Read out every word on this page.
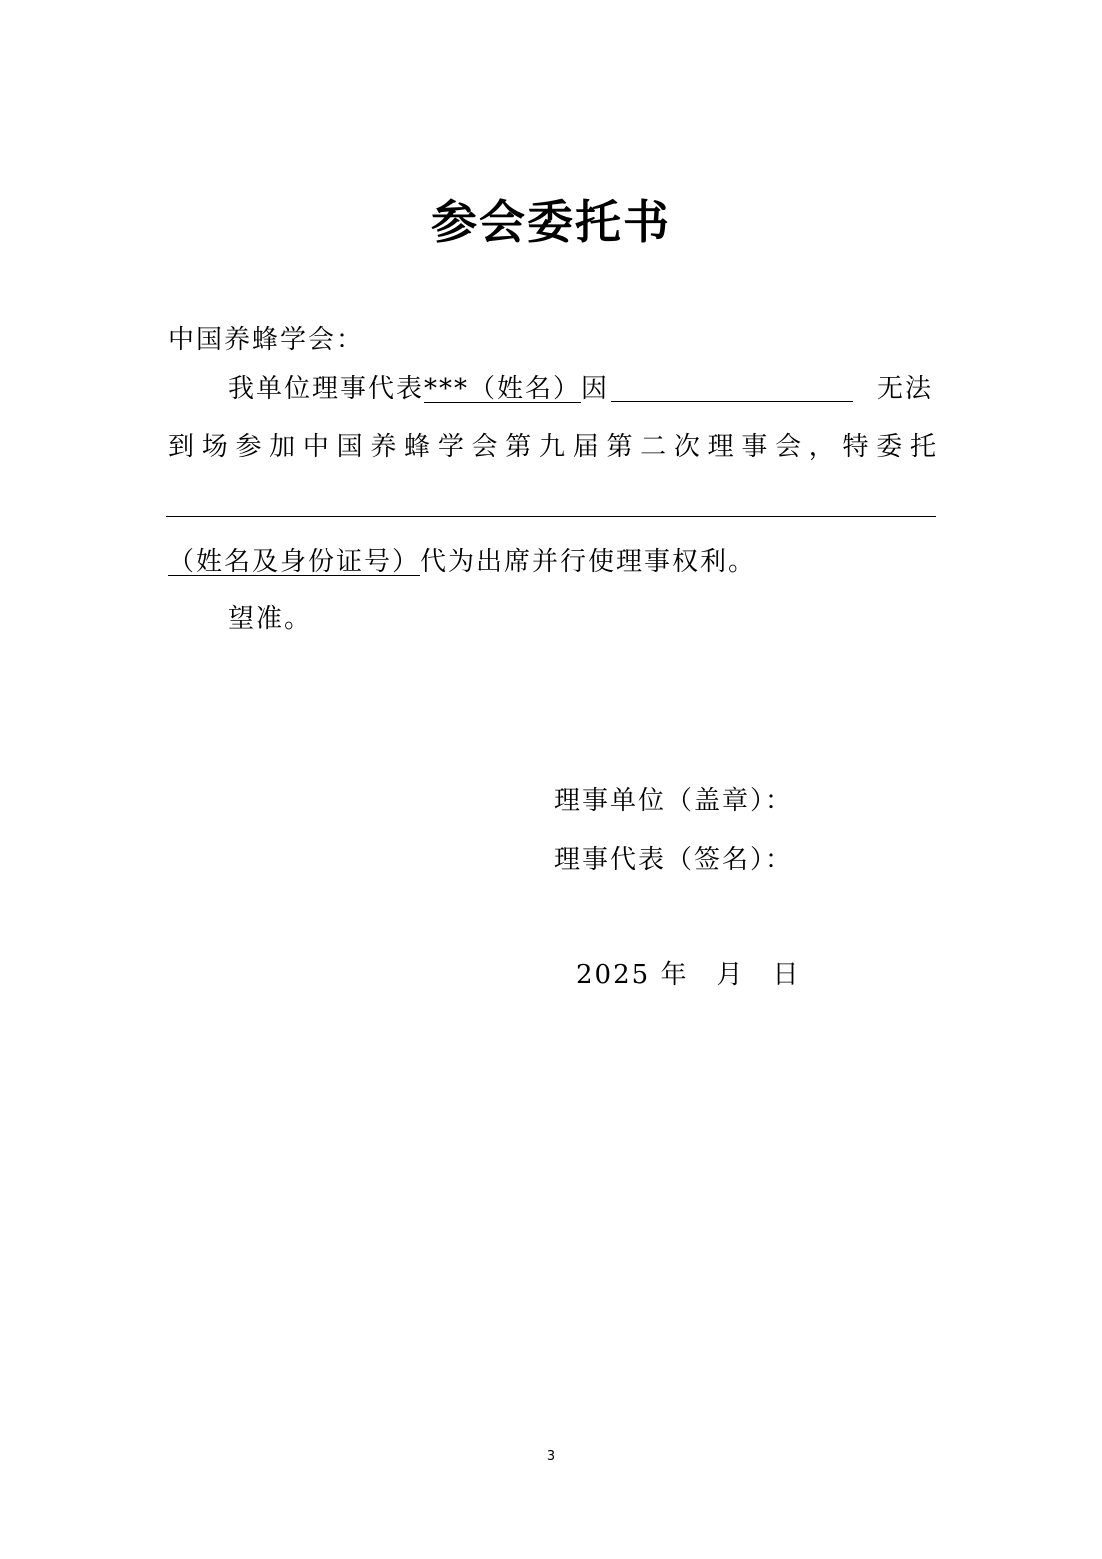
参会委托书
中国养蜂学会：
我单位理事代表***（姓名）因	无法
到场参加中国养蜂学会第九届第二次理事会，特委托
（姓名及身份证号）代为出席并行使理事权利。
望准。
理事单位（盖章）：
理事代表（签名）：
2025 年 月 日
3
